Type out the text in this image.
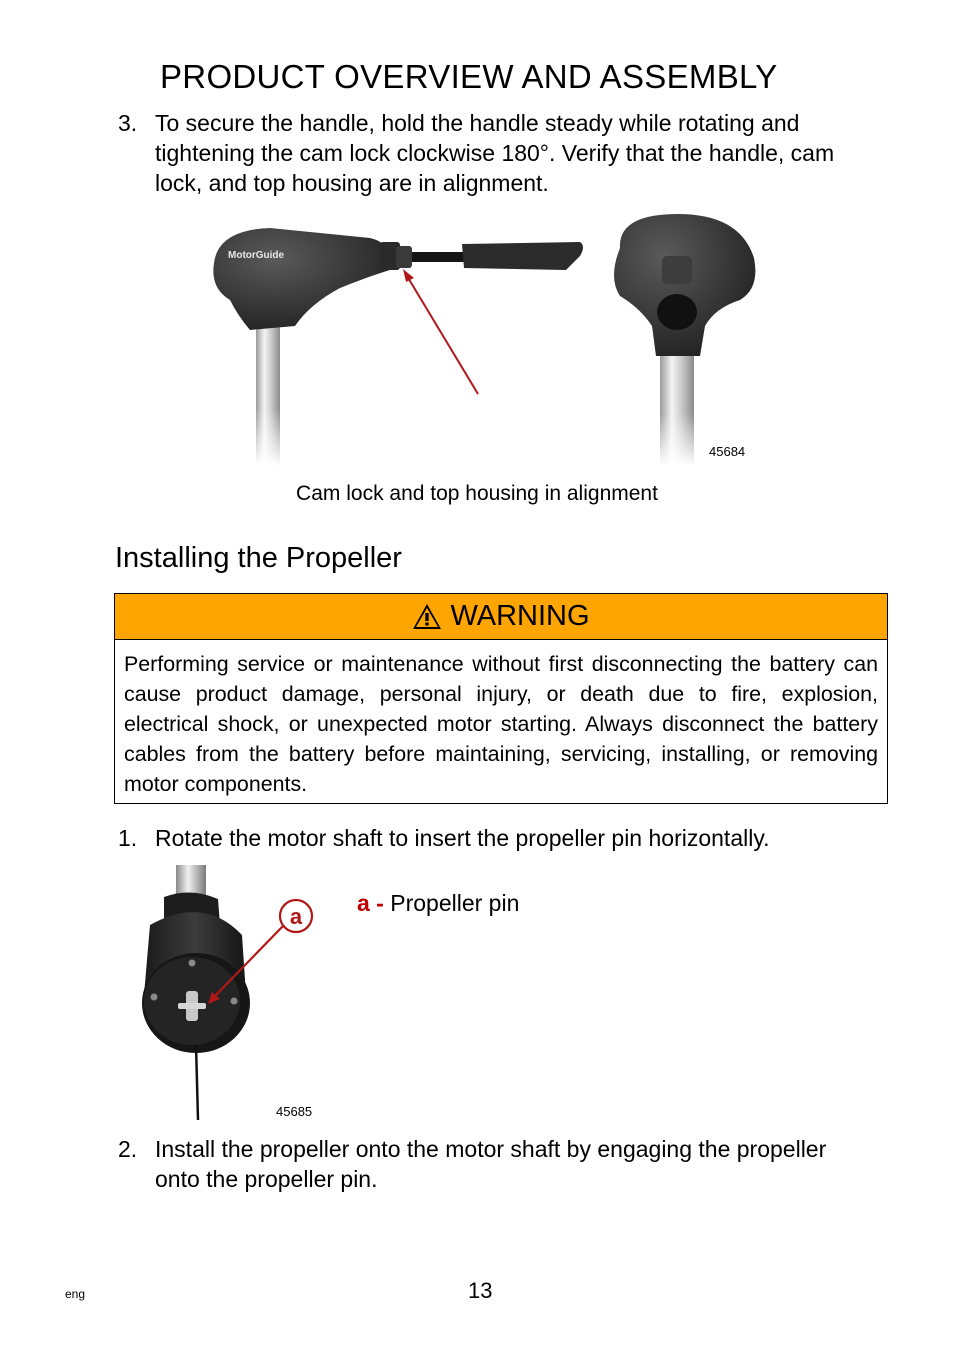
PRODUCT OVERVIEW AND ASSEMBLY
3. To secure the handle, hold the handle steady while rotating and
tightening the cam lock clockwise 180°. Verify that the handle, cam
lock, and top housing are in alignment.
MotorGuide
45684
Cam lock and top housing in alignment
Installing the Propeller
WARNING
Performing service or maintenance without first disconnecting the battery can cause product damage, personal injury, or death due to fire, explosion, electrical shock, or unexpected motor starting. Always disconnect the battery cables from the battery before maintaining, servicing, installing, or removing motor components.
1. Rotate the motor shaft to insert the propeller pin horizontally.
a
45685
a - Propeller pin
2. Install the propeller onto the motor shaft by engaging the propeller
onto the propeller pin.
eng	13
